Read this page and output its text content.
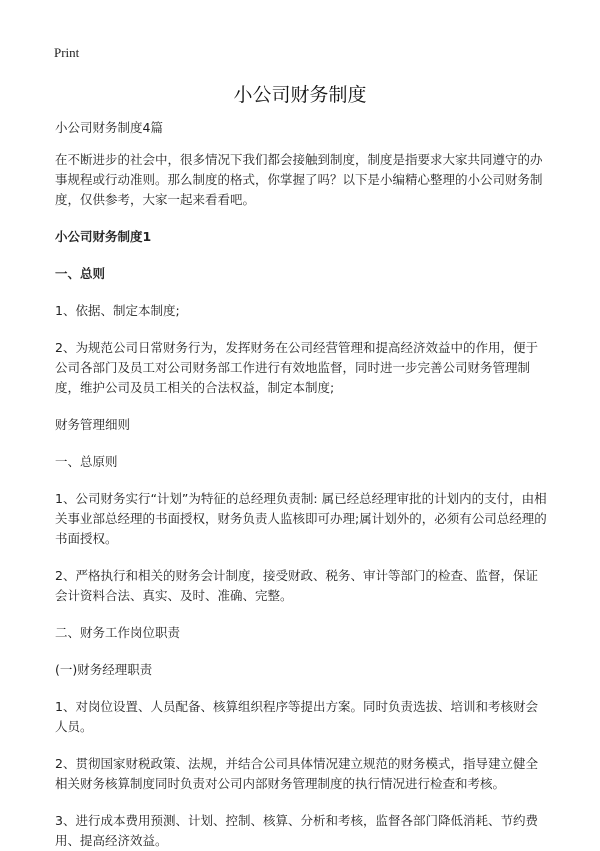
Print
小公司财务制度

小公司财务制度4篇

在不断进步的社会中，很多情况下我们都会接触到制度，制度是指要求大家共同遵守的办事规程或行动准则。那么制度的格式，你掌握了吗？以下是小编精心整理的小公司财务制度，仅供参考，大家一起来看看吧。

小公司财务制度1

一、总则

1、依据、制定本制度;

2、为规范公司日常财务行为，发挥财务在公司经营管理和提高经济效益中的作用，便于公司各部门及员工对公司财务部工作进行有效地监督，同时进一步完善公司财务管理制度，维护公司及员工相关的合法权益，制定本制度;

财务管理细则

一、总原则

1、公司财务实行“计划”为特征的总经理负责制: 属已经总经理审批的计划内的支付，由相关事业部总经理的书面授权，财务负责人监核即可办理;属计划外的，必须有公司总经理的书面授权。

2、严格执行和相关的财务会计制度，接受财政、税务、审计等部门的检查、监督，保证会计资料合法、真实、及时、准确、完整。

二、财务工作岗位职责

(一)财务经理职责

1、对岗位设置、人员配备、核算组织程序等提出方案。同时负责选拔、培训和考核财会人员。

2、贯彻国家财税政策、法规，并结合公司具体情况建立规范的财务模式，指导建立健全相关财务核算制度同时负责对公司内部财务管理制度的执行情况进行检查和考核。

3、进行成本费用预测、计划、控制、核算、分析和考核，监督各部门降低消耗、节约费用、提高经济效益。
